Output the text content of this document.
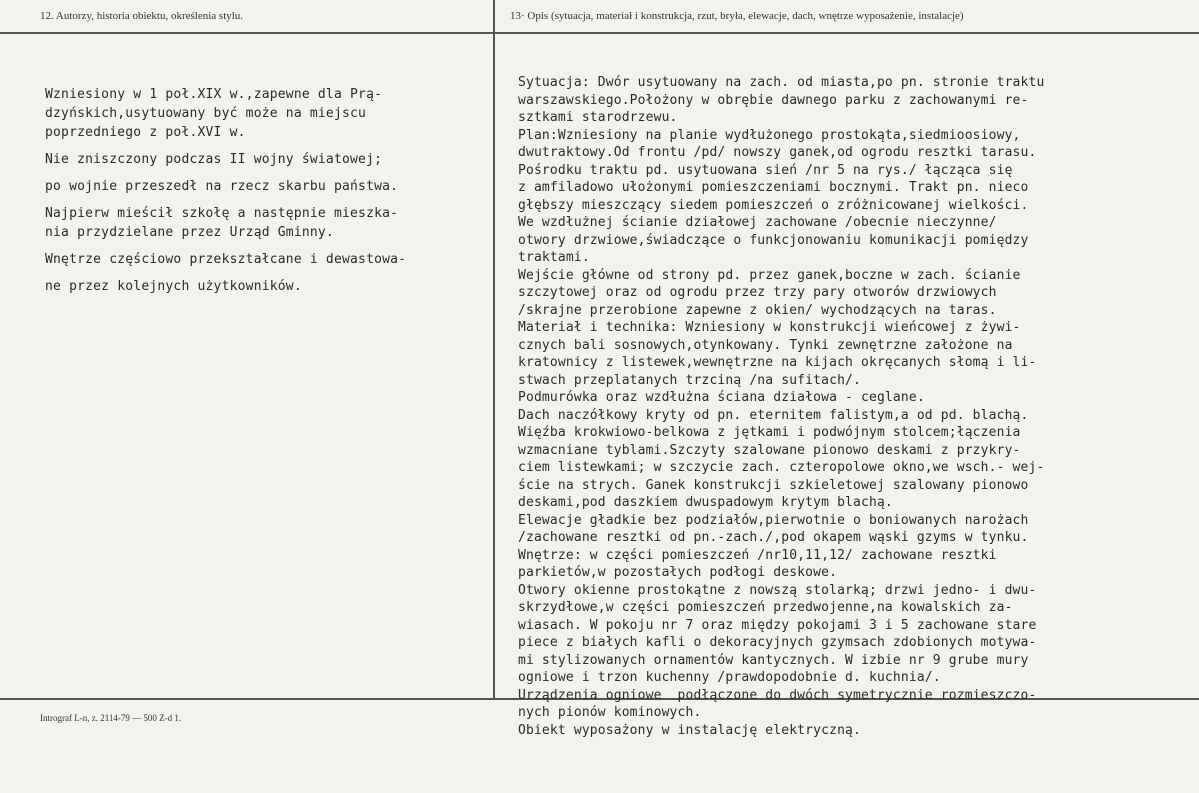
12. Autorzy, historia obiektu, określenia stylu.	13· Opis (sytuacja, materiał i konstrukcja, rzut, bryła, elewacje, dach, wnętrze wyposażenie, instalacje)

Wzniesiony w 1 poł.XIX w.,zapewne dla Prą-
dzyńskich,usytuowany być może na miejscu
poprzedniego z poł.XVI w.

Nie zniszczony podczas II wojny światowej;

po wojnie przeszedł na rzecz skarbu państwa.

Najpierw mieścił szkołę a następnie mieszka-
nia przydzielane przez Urząd Gminny.

Wnętrze częściowo przekształcane i dewastowa-

ne przez kolejnych użytkowników.

Sytuacja: Dwór usytuowany na zach. od miasta,po pn. stronie traktu
warszawskiego.Położony w obrębie dawnego parku z zachowanymi re-
sztkami starodrzewu.
Plan:Wzniesiony na planie wydłużonego prostokąta,siedmioosiowy,
dwutraktowy.Od frontu /pd/ nowszy ganek,od ogrodu resztki tarasu.
Pośrodku traktu pd. usytuowana sień /nr 5 na rys./ łącząca się
z amfiladowo ułożonymi pomieszczeniami bocznymi. Trakt pn. nieco
głębszy mieszczący siedem pomieszczeń o zróżnicowanej wielkości.
We wzdłużnej ścianie działowej zachowane /obecnie nieczynne/
otwory drzwiowe,świadczące o funkcjonowaniu komunikacji pomiędzy
traktami.
Wejście główne od strony pd. przez ganek,boczne w zach. ścianie
szczytowej oraz od ogrodu przez trzy pary otworów drzwiowych
/skrajne przerobione zapewne z okien/ wychodzących na taras.
Materiał i technika: Wzniesiony w konstrukcji wieńcowej z żywi-
cznych bali sosnowych,otynkowany. Tynki zewnętrzne założone na
kratownicy z listewek,wewnętrzne na kijach okręcanych słomą i li-
stwach przeplatanych trzciną /na sufitach/.
Podmurówka oraz wzdłużna ściana działowa - ceglane.
Dach naczółkowy kryty od pn. eternitem falistym,a od pd. blachą.
Więźba krokwiowo-belkowa z jętkami i podwójnym stolcem;łączenia
wzmacniane tyblami.Szczyty szalowane pionowo deskami z przykry-
ciem listewkami; w szczycie zach. czteropolowe okno,we wsch.- wej-
ście na strych. Ganek konstrukcji szkieletowej szalowany pionowo
deskami,pod daszkiem dwuspadowym krytym blachą.
Elewacje gładkie bez podziałów,pierwotnie o boniowanych narożach
/zachowane resztki od pn.-zach./,pod okapem wąski gzyms w tynku.
Wnętrze: w części pomieszczeń /nr10,11,12/ zachowane resztki
parkietów,w pozostałych podłogi deskowe.
Otwory okienne prostokątne z nowszą stolarką; drzwi jedno- i dwu-
skrzydłowe,w części pomieszczeń przedwojenne,na kowalskich za-
wiasach. W pokoju nr 7 oraz między pokojami 3 i 5 zachowane stare
piece z białych kafli o dekoracyjnych gzymsach zdobionych motywa-
mi stylizowanych ornamentów kantycznych. W izbie nr 9 grube mury
ogniowe i trzon kuchenny /prawdopodobnie d. kuchnia/.
Urządzenia ogniowe  podłączone do dwóch symetrycznie rozmieszczo-
nych pionów kominowych.
Obiekt wyposażony w instalację elektryczną.
Intrograf L-n, z. 2114-79 — 500 Z-d 1.
